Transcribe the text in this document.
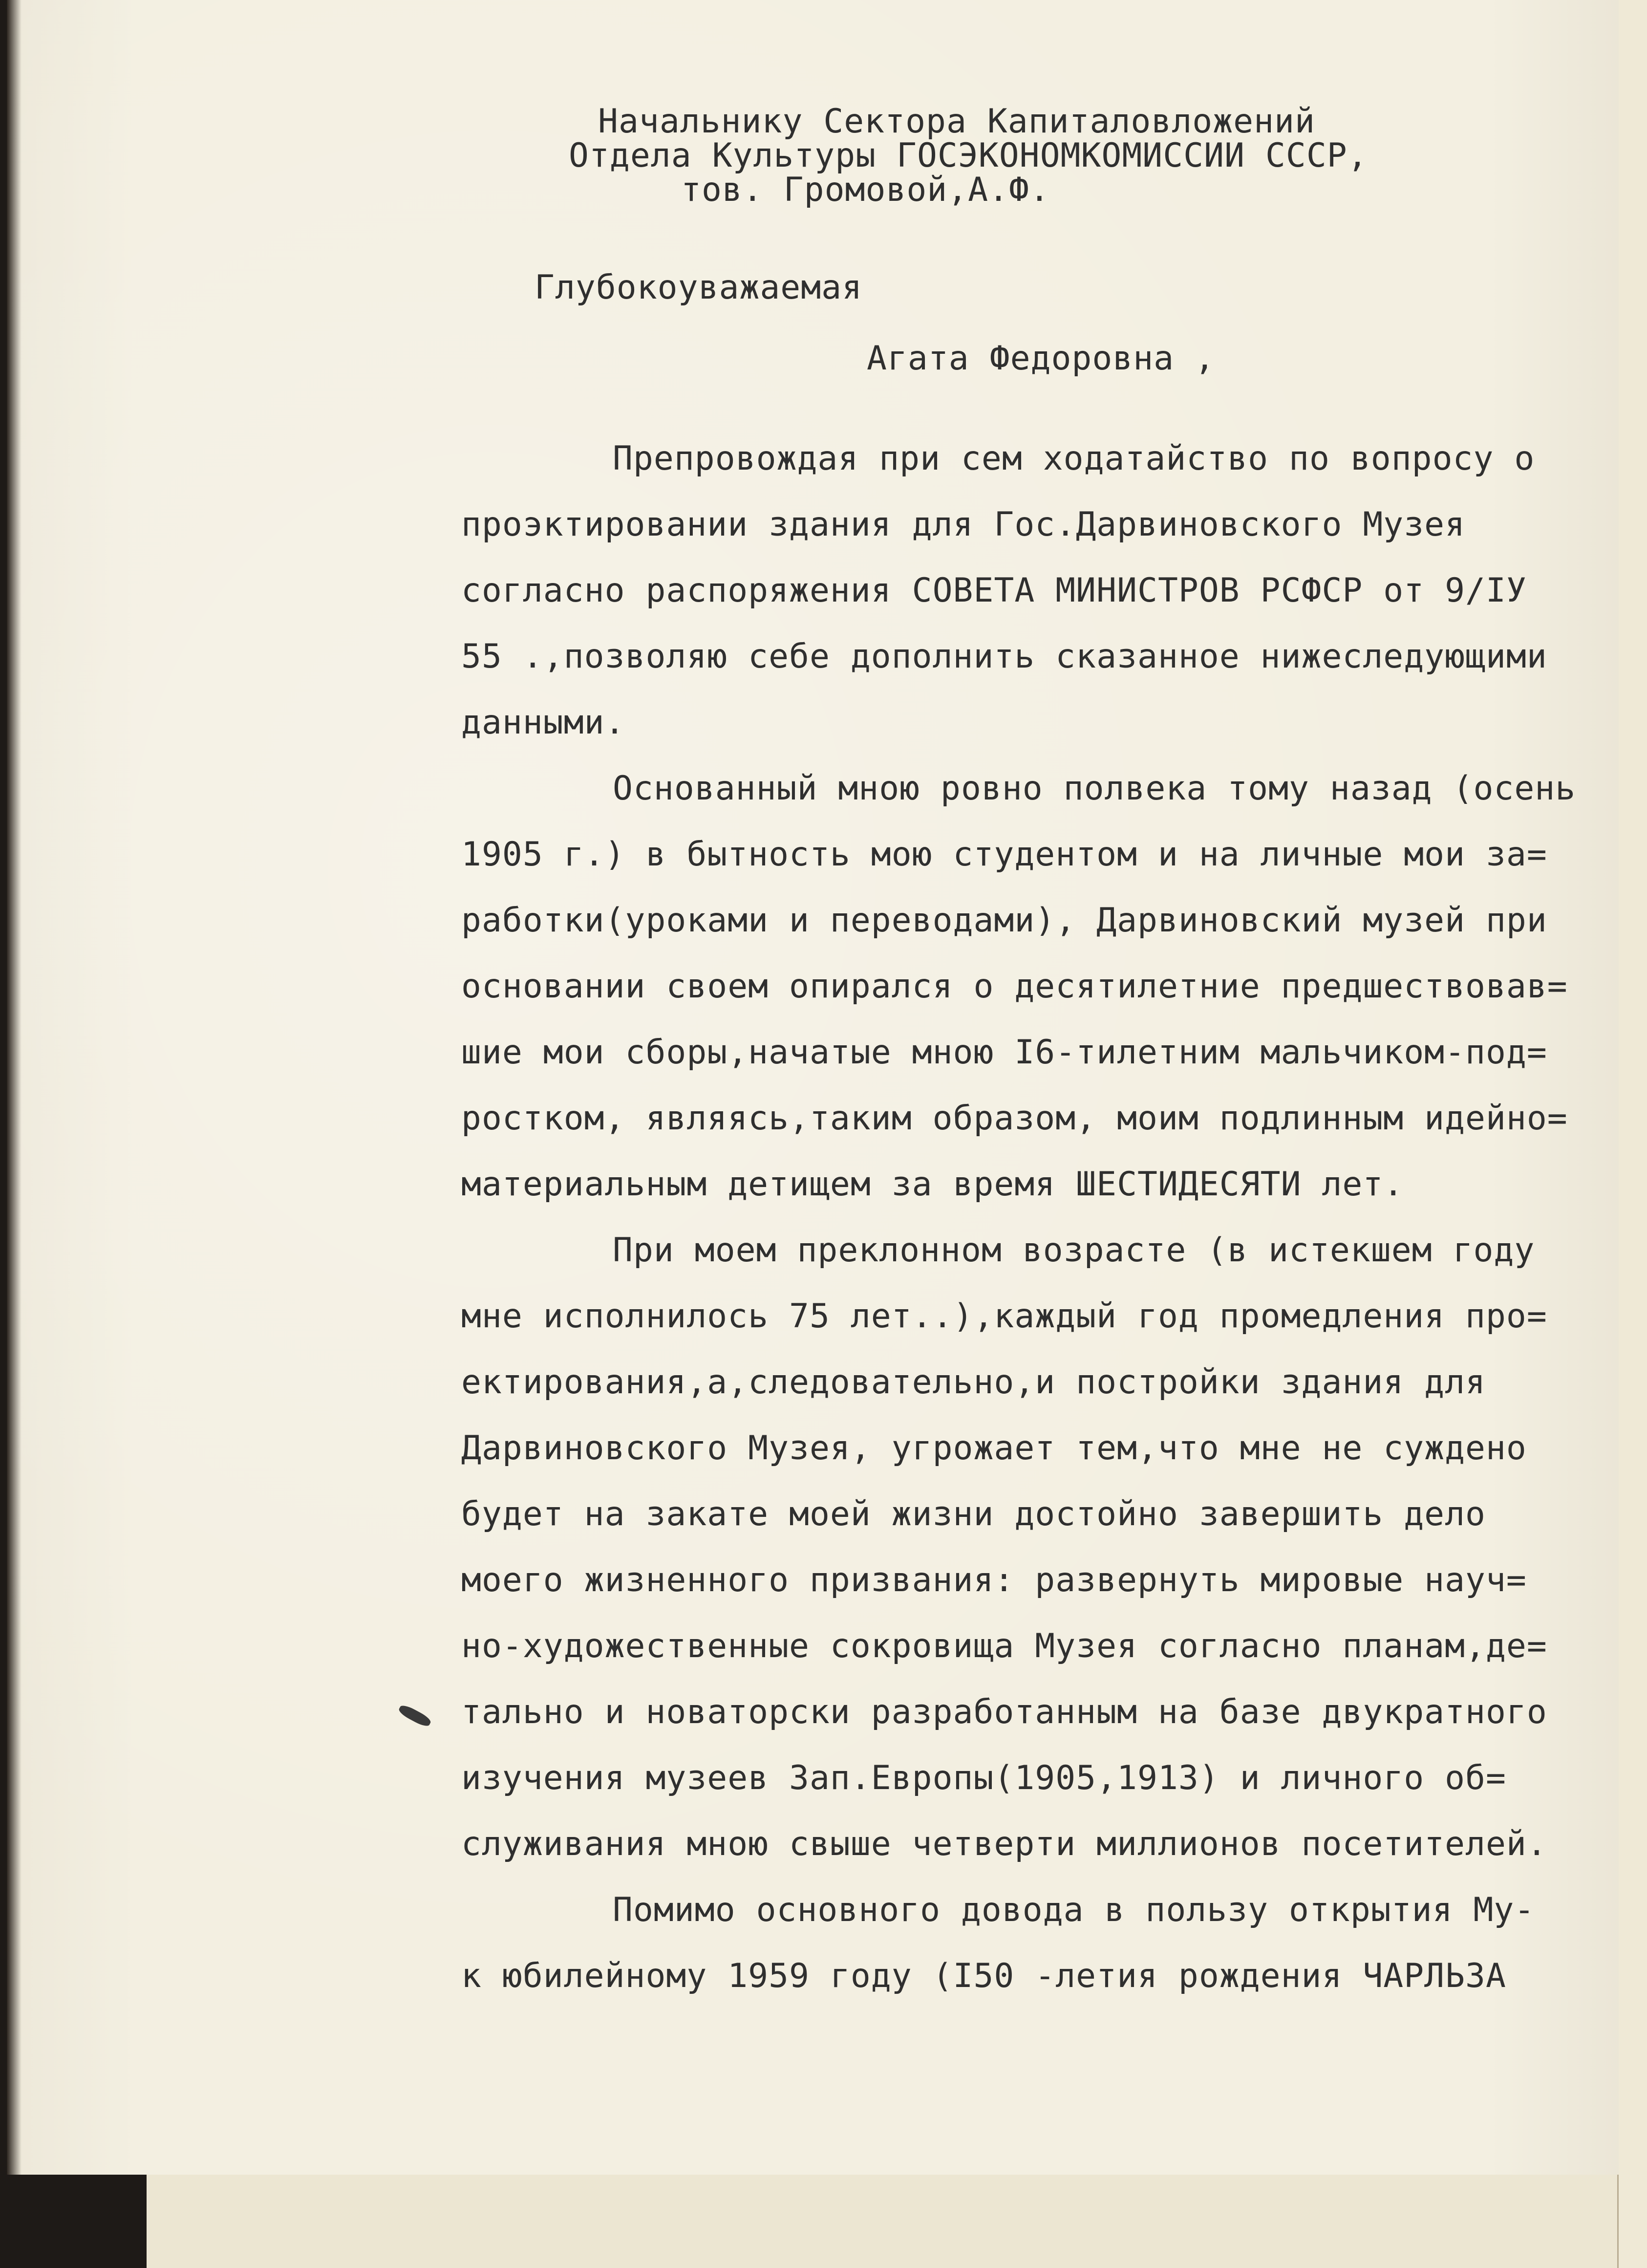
Начальнику Сектора Капиталовложений
Отдела Культуры ГОСЭКОНОМКОМИССИИ СССР,
тов. Громовой,А.Ф.
Глубокоуважаемая
Агата Федоровна ,
Препровождая при сем ходатайство по вопросу о
проэктировании здания для Гос.Дарвиновского Музея
согласно распоряжения СОВЕТА МИНИСТРОВ РСФСР от 9/IУ
55 .,позволяю себе дополнить сказанное нижеследующими
данными.
Основанный мною ровно полвека тому назад (осень
1905 г.) в бытность мою студентом и на личные мои за=
работки(уроками и переводами), Дарвиновский музей при
основании своем опирался о десятилетние предшествовав=
шие мои сборы,начатые мною I6-тилетним мальчиком-под=
ростком, являясь,таким образом, моим подлинным идейно=
материальным детищем за время ШЕСТИДЕСЯТИ лет.
При моем преклонном возрасте (в истекшем году
мне исполнилось 75 лет..),каждый год промедления про=
ектирования,а,следовательно,и постройки здания для
Дарвиновского Музея, угрожает тем,что мне не суждено
будет на закате моей жизни достойно завершить дело
моего жизненного призвания: развернуть мировые науч=
но-художественные сокровища Музея согласно планам,де=
тально и новаторски разработанным на базе двукратного
изучения музеев Зап.Европы(1905,1913) и личного об=
служивания мною свыше четверти миллионов посетителей.
Помимо основного довода в пользу открытия Му-
к юбилейному 1959 году (I50 -летия рождения ЧАРЛЬЗА
